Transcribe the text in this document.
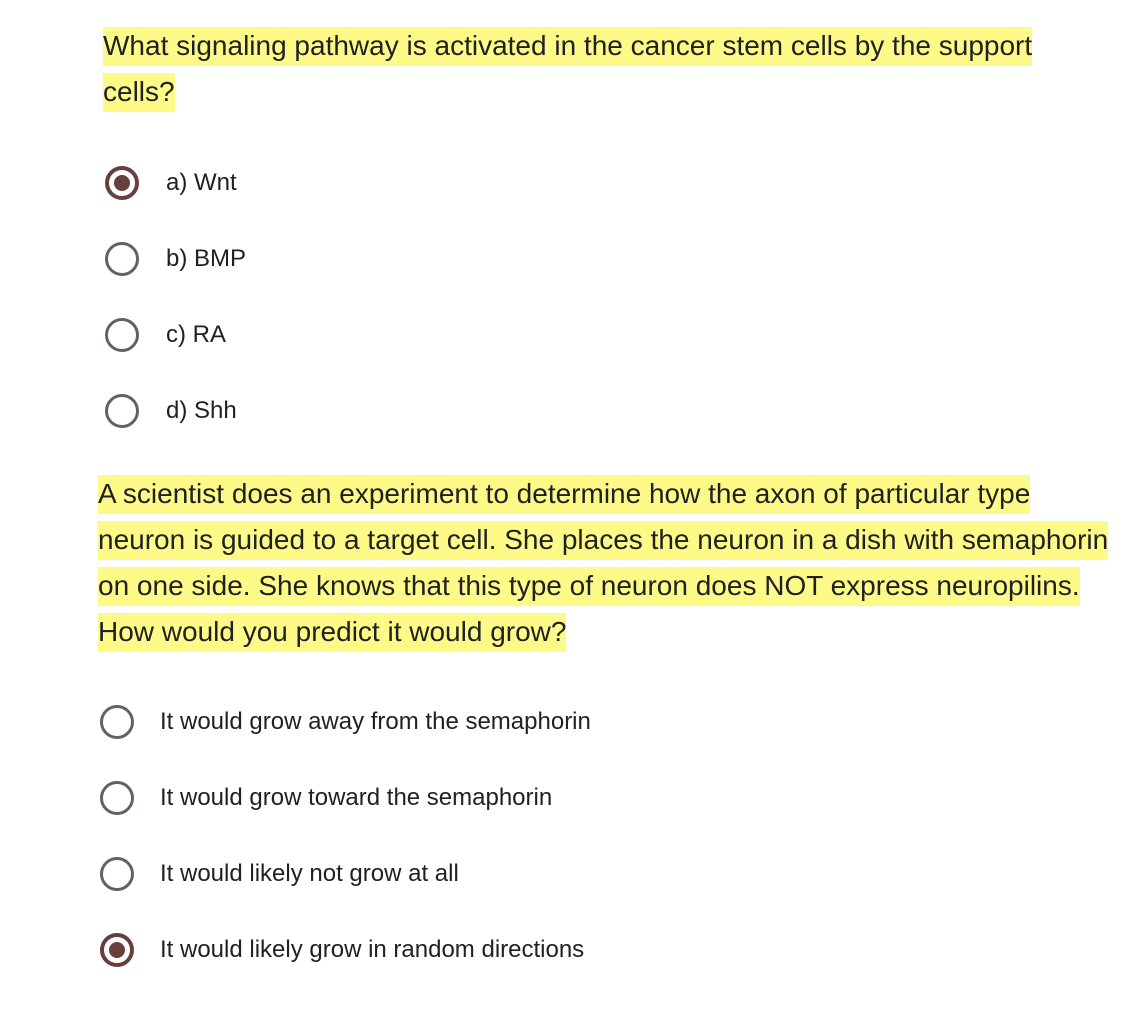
What signaling pathway is activated in the cancer stem cells by the support cells?

a) Wnt
b) BMP
c) RA
d) Shh

A scientist does an experiment to determine how the axon of particular type neuron is guided to a target cell. She places the neuron in a dish with semaphorin on one side. She knows that this type of neuron does NOT express neuropilins. How would you predict it would grow?

It would grow away from the semaphorin
It would grow toward the semaphorin
It would likely not grow at all
It would likely grow in random directions
